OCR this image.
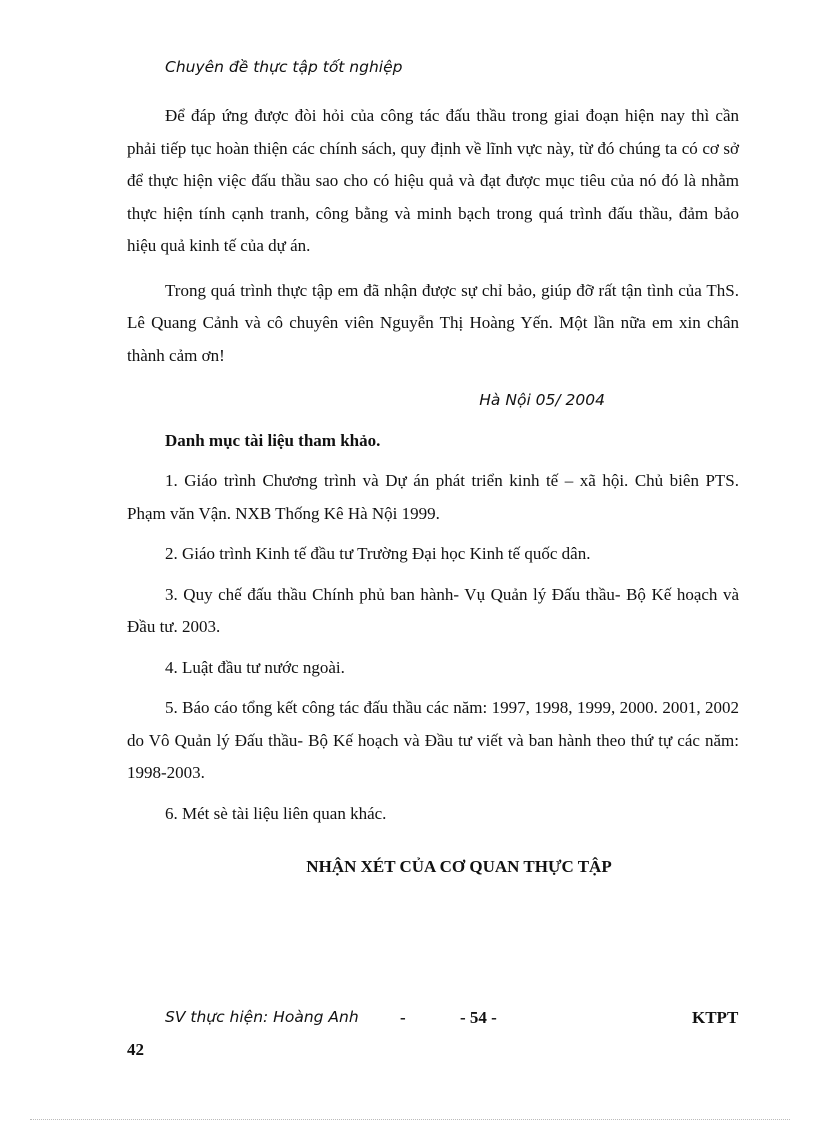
Chuyên đề thực tập tốt nghiệp

Để đáp ứng được đòi hỏi của công tác đấu thầu trong giai đoạn hiện nay thì cần phải tiếp tục hoàn thiện các chính sách, quy định về lĩnh vực này, từ đó chúng ta có cơ sở để thực hiện việc đấu thầu sao cho có hiệu quả và đạt được mục tiêu của nó đó là nhằm thực hiện tính cạnh tranh, công bằng và minh bạch trong quá trình đấu thầu, đảm bảo hiệu quả kinh tế của dự án.

Trong quá trình thực tập em đã nhận được sự chỉ bảo, giúp đỡ rất tận tình của ThS. Lê Quang Cảnh và cô chuyên viên Nguyễn Thị Hoàng Yến. Một lần nữa em xin chân thành cảm ơn!

Hà Nội 05/ 2004
Danh mục tài liệu tham khảo.

1. Giáo trình Chương trình và Dự án phát triển kinh tế – xã hội. Chủ biên PTS. Phạm văn Vận. NXB Thống Kê Hà Nội 1999.

2. Giáo trình Kinh tế đầu tư Trường Đại học Kinh tế quốc dân.

3. Quy chế đấu thầu Chính phủ ban hành- Vụ Quản lý Đấu thầu- Bộ Kế hoạch và Đầu tư. 2003.

4. Luật đầu tư nước ngoài.

5. Báo cáo tổng kết công tác đấu thầu các năm: 1997, 1998, 1999, 2000. 2001, 2002 do Vô Quản lý Đấu thầu- Bộ Kế hoạch và Đầu tư viết và ban hành theo thứ tự các năm: 1998-2003.

6. Mét sè tài liệu liên quan khác.

NHẬN XÉT CỦA CƠ QUAN THỰC TẬP
SV thực hiện: Hoàng Anh -	- 54 -	KTPT
42
